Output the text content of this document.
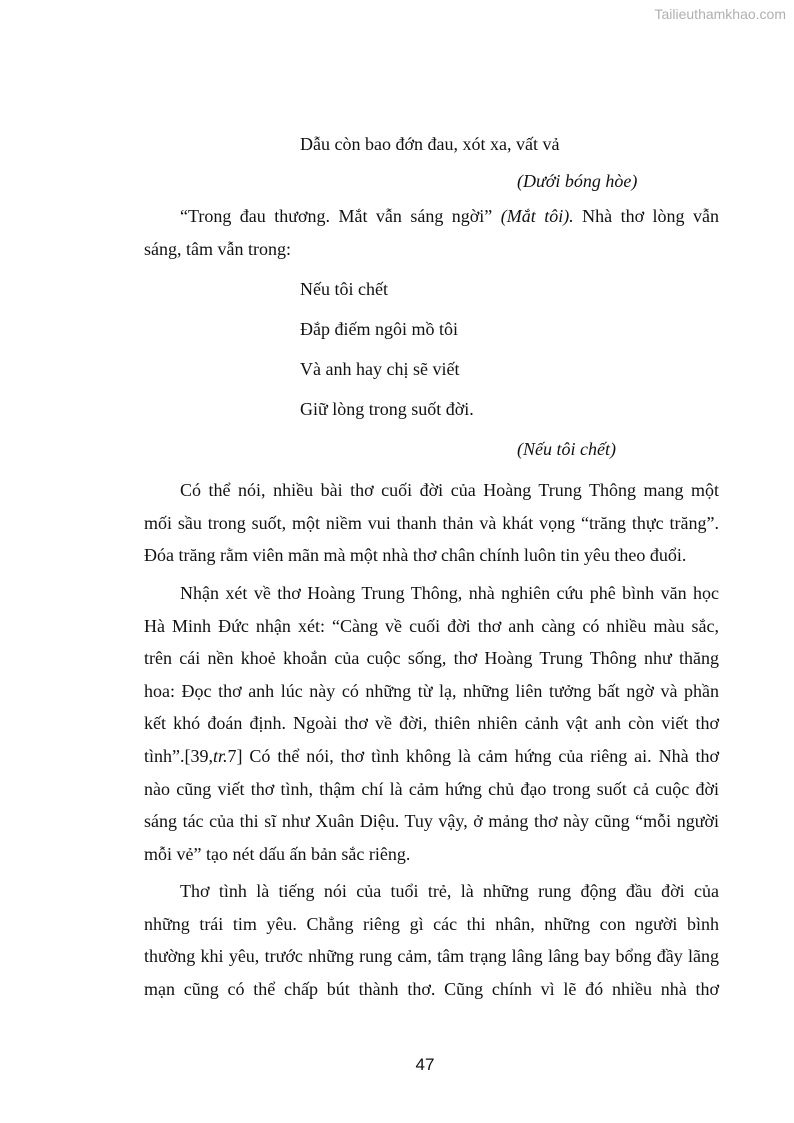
Tailieuthamkhao.com
Dẫu còn bao đớn đau, xót xa, vất vả
(Dưới bóng hòe)
“Trong đau thương. Mắt vẫn sáng ngời” (Mắt tôi). Nhà thơ lòng vẫn
sáng, tâm vẫn trong:
Nếu tôi chết
Đắp điếm ngôi mồ tôi
Và anh hay chị sẽ viết
Giữ lòng trong suốt đời.
(Nếu tôi chết)
Có thể nói, nhiều bài thơ cuối đời của Hoàng Trung Thông mang một
mối sầu trong suốt, một niềm vui thanh thản và khát vọng “trăng thực trăng”.
Đóa trăng rằm viên mãn mà một nhà thơ chân chính luôn tin yêu theo đuổi.
Nhận xét về thơ Hoàng Trung Thông, nhà nghiên cứu phê bình văn học
Hà Minh Đức nhận xét: “Càng về cuối đời thơ anh càng có nhiều màu sắc,
trên cái nền khoẻ khoắn của cuộc sống, thơ Hoàng Trung Thông như thăng
hoa: Đọc thơ anh lúc này có những từ lạ, những liên tưởng bất ngờ và phần
kết khó đoán định. Ngoài thơ về đời, thiên nhiên cảnh vật anh còn viết thơ
tình”.[39,tr.7] Có thể nói, thơ tình không là cảm hứng của riêng ai. Nhà thơ
nào cũng viết thơ tình, thậm chí là cảm hứng chủ đạo trong suốt cả cuộc đời
sáng tác của thi sĩ như Xuân Diệu. Tuy vậy, ở mảng thơ này cũng “mỗi người
mỗi vẻ” tạo nét dấu ấn bản sắc riêng.
Thơ tình là tiếng nói của tuổi trẻ, là những rung động đầu đời của
những trái tim yêu. Chẳng riêng gì các thi nhân, những con người bình
thường khi yêu, trước những rung cảm, tâm trạng lâng lâng bay bổng đầy lãng
mạn cũng có thể chấp bút thành thơ. Cũng chính vì lẽ đó nhiều nhà thơ
47
